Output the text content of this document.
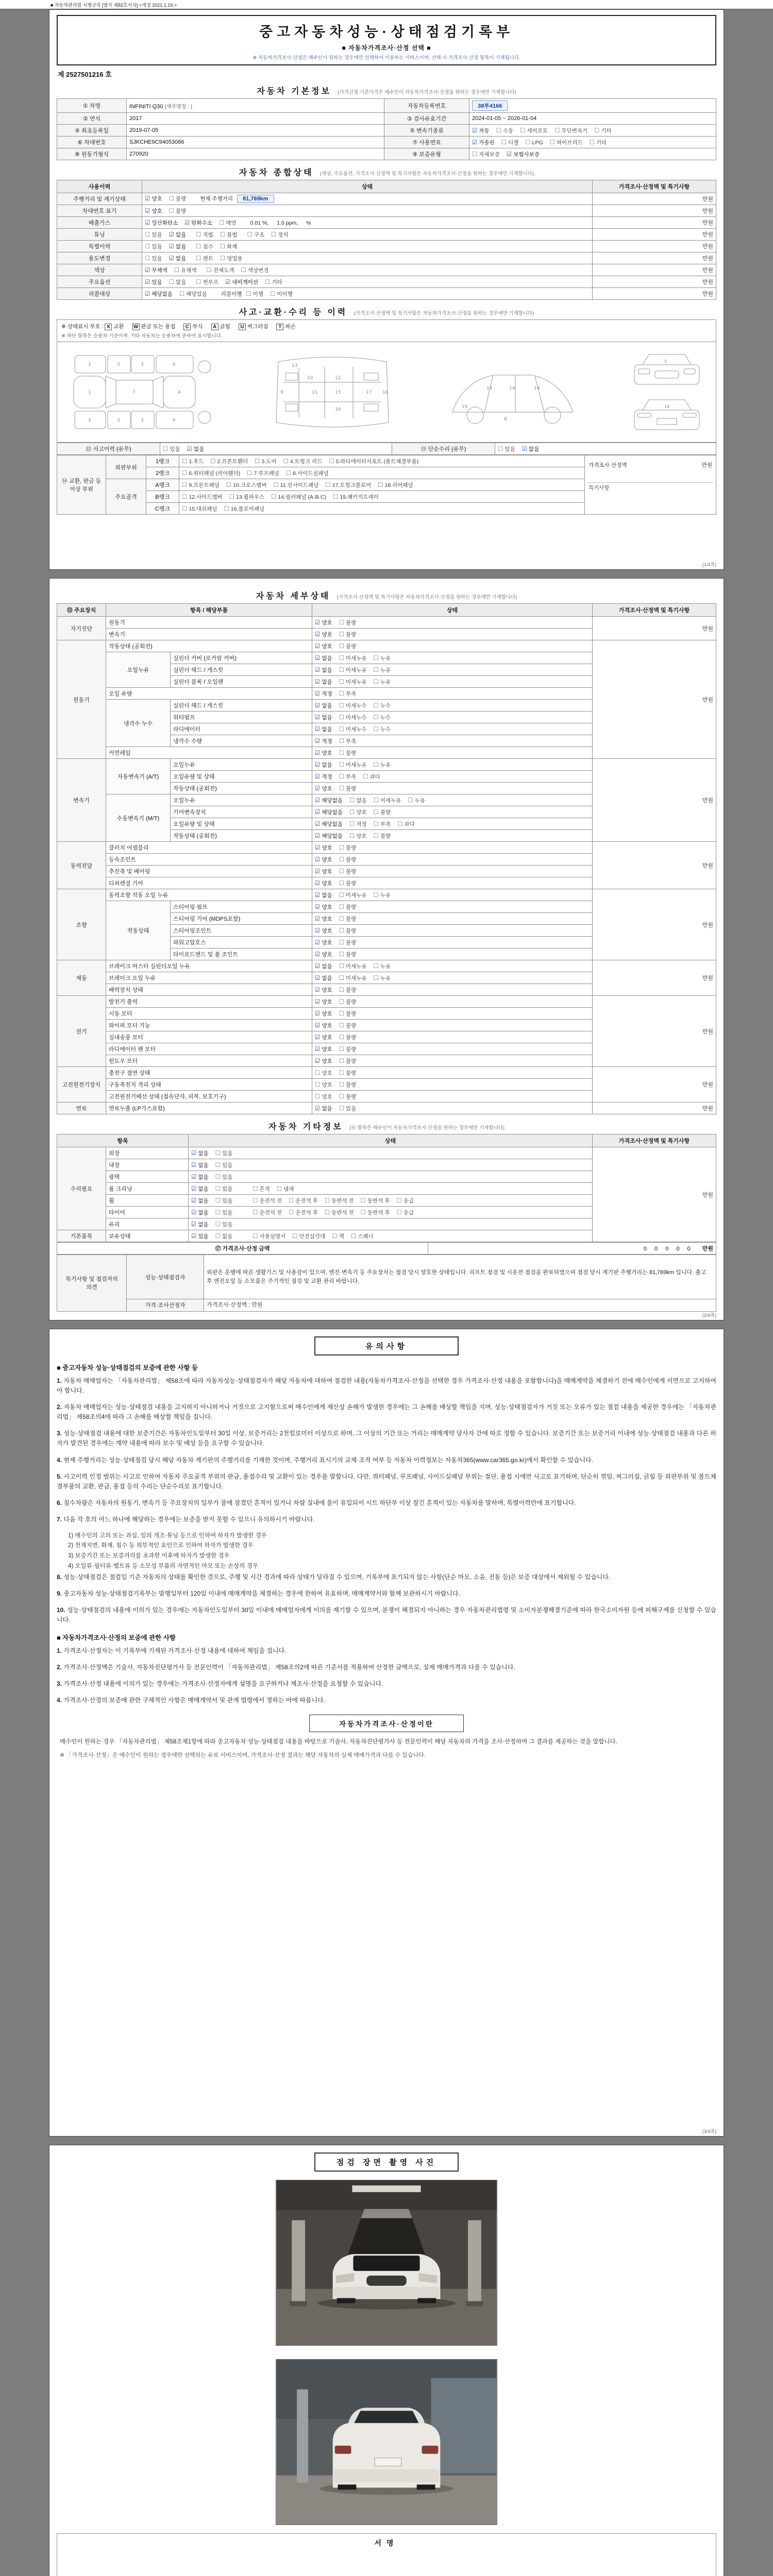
■ 자동차관리법 시행규칙 [별지 제82호서식] <개정 2021.1.19.>
중고자동차성능·상태점검기록부
■ 자동차가격조사·산정 선택 ■
※ 자동차가격조사·산정은 매수인이 원하는 경우에만 선택하여 이용하는 서비스이며, 선택 시 가격조사·산정 항목이 기재됩니다.
제 2527501216 호
자동차 기본정보 (가격산정 기준가격은 매수인이 자동차가격조사·산정을 원하는 경우에만 기재합니다)
① 차명	INFINITI Q30 (세부명칭 : )	자동차등록번호	38부4166
② 연식	2017	③ 검사유효기간	2024-01-05 ~ 2026-01-04
④ 최초등록일	2019-07-05	⑤ 변속기종류	☑ 자동 ☐ 수동 ☐ 세미오토 ☐ 무단변속기 ☐ 기타
⑥ 차대번호	SJKCHE9C94053086	⑦ 사용연료	☑ 가솔린 ☐ 디젤 ☐ LPG ☐ 하이브리드 ☐ 기타
⑧ 원동기형식	270920	⑨ 보증유형	☐ 자체보증 ☑ 보험사보증
자동차 종합상태 (색상, 주요옵션, 가격조사·산정액 및 특기사항은 자동차가격조사·산정을 원하는 경우에만 기재합니다)
사용이력	상태	가격조사·산정액 및 특기사항
주행거리 및 계기상태	☑ 양호 ☐ 불량 현재 주행거리 81,769km	만원
차대번호 표기	☑ 양호 ☐ 불량	만원
배출가스	☑ 일산화탄소 ☑ 탄화수소 ☐ 매연 0.01 %, 1.0 ppm, %	만원
튜닝	☐ 있음 ☑ 없음 ☐ 적법 ☐ 불법 ☐ 구조 ☐ 장치	만원
특별이력	☐ 있음 ☑ 없음 ☐ 침수 ☐ 화재	만원
용도변경	☐ 있음 ☑ 없음 ☐ 렌트 ☐ 영업용	만원
색상	☑ 무채색 ☐ 유채색 ☐ 전체도색 ☐ 색상변경	만원
주요옵션	☑ 있음 ☐ 없음 ☐ 썬루프 ☑ 네비게이션 ☐ 기타	만원
리콜대상	☑ 해당없음 ☐ 해당있음 리콜이행 ☐ 이행 ☐ 미이행	만원
사고·교환·수리 등 이력 (가격조사·산정액 및 특기사항은 자동차가격조사·산정을 원하는 경우에만 기재합니다)
※ 상태표시 부호 : X 교환 W 판금 또는 용접 C 부식 A 긁힘 U 찌그러짐 T 파손
※ 하단 항목은 승용차 기준이며, 기타 자동차는 승용차에 준하여 표시합니다.
1	7	4
2	3	3	6
2	3	3	6
9
10
11
12
13
15
16
17 18
14	14	14
8
19
5
18
⑫ 사고이력 (유무)	☐ 있음 ☑ 없음	⑬ 단순수리 (유무)	☐ 있음 ☑ 없음
⑭ 교환, 판금 등 이상 부위	외판부위	1랭크	☐ 1.후드 ☐ 2.프론트휀더 ☐ 3.도어 ☐ 4.트렁크 리드 ☐ 5.라디에이터서포트 (볼트체결부품)	가격조사·산정액 만원
특기사항

		2랭크	☐ 6.쿼터패널 (리어휀더) ☐ 7.루프패널 ☐ 8.사이드실패널	
	주요골격	A랭크	☐ 9.프론트패널 ☐ 10.크로스멤버 ☐ 11.인사이드패널 ☐ 17.트렁크플로어 ☐ 18.리어패널	
		B랭크	☐ 12.사이드멤버 ☐ 13.휠하우스 ☐ 14.필러패널 (A·B·C) ☐ 19.패키지트레이	
		C랭크	☐ 15.대쉬패널 ☐ 16.플로어패널	
(1/4쪽)
자동차 세부상태 (가격조사·산정액 및 특기사항은 자동차가격조사·산정을 원하는 경우에만 기재합니다)
⑮ 주요장치	항목 / 해당부품		상태	가격조사·산정액 및 특기사항
자기진단	원동기		☑ 양호 ☐ 불량	만원
	변속기		☑ 양호 ☐ 불량	
원동기	작동상태 (공회전)		☑ 양호 ☐ 불량	만원
	오일누유	실린더 커버 (로커암 커버)	☑ 없음 ☐ 미세누유 ☐ 누유	
		실린더 헤드 / 개스킷	☑ 없음 ☐ 미세누유 ☐ 누유	
		실린더 블록 / 오일팬	☑ 없음 ☐ 미세누유 ☐ 누유	
	오일 유량		☑ 적정 ☐ 부족	
	냉각수 누수	실린더 헤드 / 개스킷	☑ 없음 ☐ 미세누수 ☐ 누수	
		워터펌프	☑ 없음 ☐ 미세누수 ☐ 누수	
		라디에이터	☑ 없음 ☐ 미세누수 ☐ 누수	
		냉각수 수량	☑ 적정 ☐ 부족	
	커먼레일		☑ 양호 ☐ 불량	
변속기	자동변속기 (A/T)	오일누유	☑ 없음 ☐ 미세누유 ☐ 누유	만원
		오일유량 및 상태	☑ 적정 ☐ 부족 ☐ 과다	
		작동상태 (공회전)	☑ 양호 ☐ 불량	
	수동변속기 (M/T)	오일누유	☑ 해당없음 ☐ 없음 ☐ 미세누유 ☐ 누유	
		기어변속장치	☑ 해당없음 ☐ 양호 ☐ 불량	
		오일유량 및 상태	☑ 해당없음 ☐ 적정 ☐ 부족 ☐ 과다	
		작동상태 (공회전)	☑ 해당없음 ☐ 양호 ☐ 불량	
동력전달	클러치 어셈블리		☑ 양호 ☐ 불량	만원
	등속조인트		☑ 양호 ☐ 불량	
	추진축 및 베어링		☑ 양호 ☐ 불량	
	디퍼렌셜 기어		☑ 양호 ☐ 불량	
조향	동력조향 작동 오일 누유		☑ 없음 ☐ 미세누유 ☐ 누유	만원
	작동상태	스티어링 펌프	☑ 양호 ☐ 불량	
		스티어링 기어 (MDPS포함)	☑ 양호 ☐ 불량	
		스티어링조인트	☑ 양호 ☐ 불량	
		파워고압호스	☑ 양호 ☐ 불량	
		타이로드엔드 및 볼 조인트	☑ 양호 ☐ 불량	
제동	브레이크 마스터 실린더오일 누유		☑ 없음 ☐ 미세누유 ☐ 누유	만원
	브레이크 오일 누유		☑ 없음 ☐ 미세누유 ☐ 누유	
	배력장치 상태		☑ 양호 ☐ 불량	
전기	발전기 출력		☑ 양호 ☐ 불량	만원
	시동 모터		☑ 양호 ☐ 불량	
	와이퍼 모터 기능		☑ 양호 ☐ 불량	
	실내송풍 모터		☑ 양호 ☐ 불량	
	라디에이터 팬 모터		☑ 양호 ☐ 불량	
	윈도우 모터		☑ 양호 ☐ 불량	
고전원전기장치	충전구 절연 상태		☐ 양호 ☐ 불량	만원
	구동축전지 격리 상태		☐ 양호 ☐ 불량	
	고전원전기배선 상태 (접속단자, 피복, 보호기구)		☐ 양호 ☐ 불량	
연료	연료누출 (LP가스포함)		☑ 없음 ☐ 있음	만원
자동차 기타정보 (⑯ 항목은 매수인이 자동차가격조사·산정을 원하는 경우에만 기재합니다)
항목		상태	가격조사·산정액 및 특기사항
수리필요	외장	☑ 없음 ☐ 있음	만원
	내장	☑ 없음 ☐ 있음	
	광택	☑ 없음 ☐ 있음	
	룸 크리닝	☑ 없음 ☐ 있음 ☐ 흔적 ☐ 냄새	
	휠	☑ 없음 ☐ 있음 ☐ 운전석 전 ☐ 운전석 후 ☐ 동반석 전 ☐ 동반석 후 ☐ 응급	
	타이어	☑ 없음 ☐ 있음 ☐ 운전석 전 ☐ 운전석 후 ☐ 동반석 전 ☐ 동반석 후 ☐ 응급	
	유리	☑ 없음 ☐ 있음	
기본품목	보유상태	☑ 있음 ☐ 없음 ☐ 사용설명서 ☐ 안전삼각대 ☐ 잭 ☐ 스패너	
⑰ 가격조사·산정 금액	0 0 0 0 0 만원
특기사항 및 점검자의 의견	성능·상태점검자	외판은 운행에 따른 생활기스 및 사용감이 있으며, 엔진·변속기 등 주요장치는 점검 당시 양호한 상태입니다. 리프트 점검 및 시운전 점검을 완료하였으며 점검 당시 계기판 주행거리는 81,769km 입니다. 출고 후 엔진오일 등 소모품은 주기적인 점검 및 교환 관리 바랍니다.
	가격·조사산정자	가격조사·산정액 : 만원
(2/4쪽)
유의사항
■ 중고자동차 성능·상태점검의 보증에 관한 사항 등
1. 자동차 매매업자는 「자동차관리법」 제58조에 따라 자동차성능·상태점검자가 해당 자동차에 대하여 점검한 내용(자동차가격조사·산정을 선택한 경우 가격조사·산정 내용을 포함합니다)을 매매계약을 체결하기 전에 매수인에게 서면으로 고지하여야 합니다.
2. 자동차 매매업자는 성능·상태점검 내용을 고지하지 아니하거나 거짓으로 고지함으로써 매수인에게 재산상 손해가 발생한 경우에는 그 손해를 배상할 책임을 지며, 성능·상태점검자가 거짓 또는 오류가 있는 점검 내용을 제공한 경우에는 「자동차관리법」 제58조의4에 따라 그 손해를 배상할 책임을 집니다.
3. 성능·상태점검 내용에 대한 보증기간은 자동차인도일부터 30일 이상, 보증거리는 2천킬로미터 이상으로 하며, 그 이상의 기간 또는 거리는 매매계약 당사자 간에 따로 정할 수 있습니다. 보증기간 또는 보증거리 이내에 성능·상태점검 내용과 다른 하자가 발견된 경우에는 계약 내용에 따라 보수 및 배상 등을 요구할 수 있습니다.
4. 현재 주행거리는 성능·상태점검 당시 해당 자동차 계기판의 주행거리를 기재한 것이며, 주행거리 표시기의 교체·조작 여부 등 자동차 이력정보는 자동차365(www.car365.go.kr)에서 확인할 수 있습니다.
5. 사고이력 인정 범위는 사고로 인하여 자동차 주요골격 부위의 판금, 용접수리 및 교환이 있는 경우를 말합니다. 다만, 쿼터패널, 루프패널, 사이드실패널 부위는 절단, 용접 시에만 사고로 표기하며, 단순히 꺾임, 찌그러짐, 긁힘 등 외판부위 및 볼트체결부품의 교환, 판금, 용접 등의 수리는 단순수리로 표기합니다.
6. 침수차량은 자동차의 원동기, 변속기 등 주요장치의 일부가 물에 잠겼던 흔적이 있거나 차량 실내에 물이 유입되어 시트 하단부 이상 잠긴 흔적이 있는 자동차를 말하며, 특별이력란에 표기합니다.
7. 다음 각 호의 어느 하나에 해당하는 경우에는 보증을 받지 못할 수 있으니 유의하시기 바랍니다.
1) 매수인의 고의 또는 과실, 임의 개조·튜닝 등으로 인하여 하자가 발생한 경우
2) 천재지변, 화재, 침수 등 외부적인 요인으로 인하여 하자가 발생한 경우
3) 보증기간 또는 보증거리를 초과한 이후에 하자가 발생한 경우
4) 오일류·필터류·벨트류 등 소모성 부품의 자연적인 마모 또는 손상의 경우
8. 성능·상태점검은 점검일 기준 자동차의 상태를 확인한 것으로, 주행 및 시간 경과에 따라 상태가 달라질 수 있으며, 기록부에 표기되지 않는 사항(단순 마모, 소음, 진동 등)은 보증 대상에서 제외될 수 있습니다.
9. 중고자동차 성능·상태점검기록부는 발행일부터 120일 이내에 매매계약을 체결하는 경우에 한하여 유효하며, 매매계약서와 함께 보관하시기 바랍니다.
10. 성능·상태점검의 내용에 이의가 있는 경우에는 자동차인도일부터 30일 이내에 매매업자에게 이의를 제기할 수 있으며, 분쟁이 해결되지 아니하는 경우 자동차관리법령 및 소비자분쟁해결기준에 따라 한국소비자원 등에 피해구제를 신청할 수 있습니다.
■ 자동차가격조사·산정의 보증에 관한 사항
1. 가격조사·산정자는 이 기록부에 기재된 가격조사·산정 내용에 대하여 책임을 집니다.
2. 가격조사·산정액은 기술사, 자동차진단평가사 등 전문인력이 「자동차관리법」 제58조의2에 따른 기준서를 적용하여 산정한 금액으로, 실제 매매가격과 다를 수 있습니다.
3. 가격조사·산정 내용에 이의가 있는 경우에는 가격조사·산정자에게 설명을 요구하거나 재조사·산정을 요청할 수 있습니다.
4. 가격조사·산정의 보증에 관한 구체적인 사항은 매매계약서 및 관계 법령에서 정하는 바에 따릅니다.
자동차가격조사·산정이란
매수인이 원하는 경우 「자동차관리법」 제58조제1항에 따라 중고자동차 성능·상태점검 내용을 바탕으로 기술사, 자동차진단평가사 등 전문인력이 해당 자동차의 가격을 조사·산정하여 그 결과를 제공하는 것을 말합니다.
※ 「가격조사·산정」은 매수인이 원하는 경우에만 선택하는 유료 서비스이며, 가격조사·산정 결과는 해당 자동차의 실제 매매가격과 다를 수 있습니다.
(3/4쪽)
점검 장면 촬영 사진
서명
